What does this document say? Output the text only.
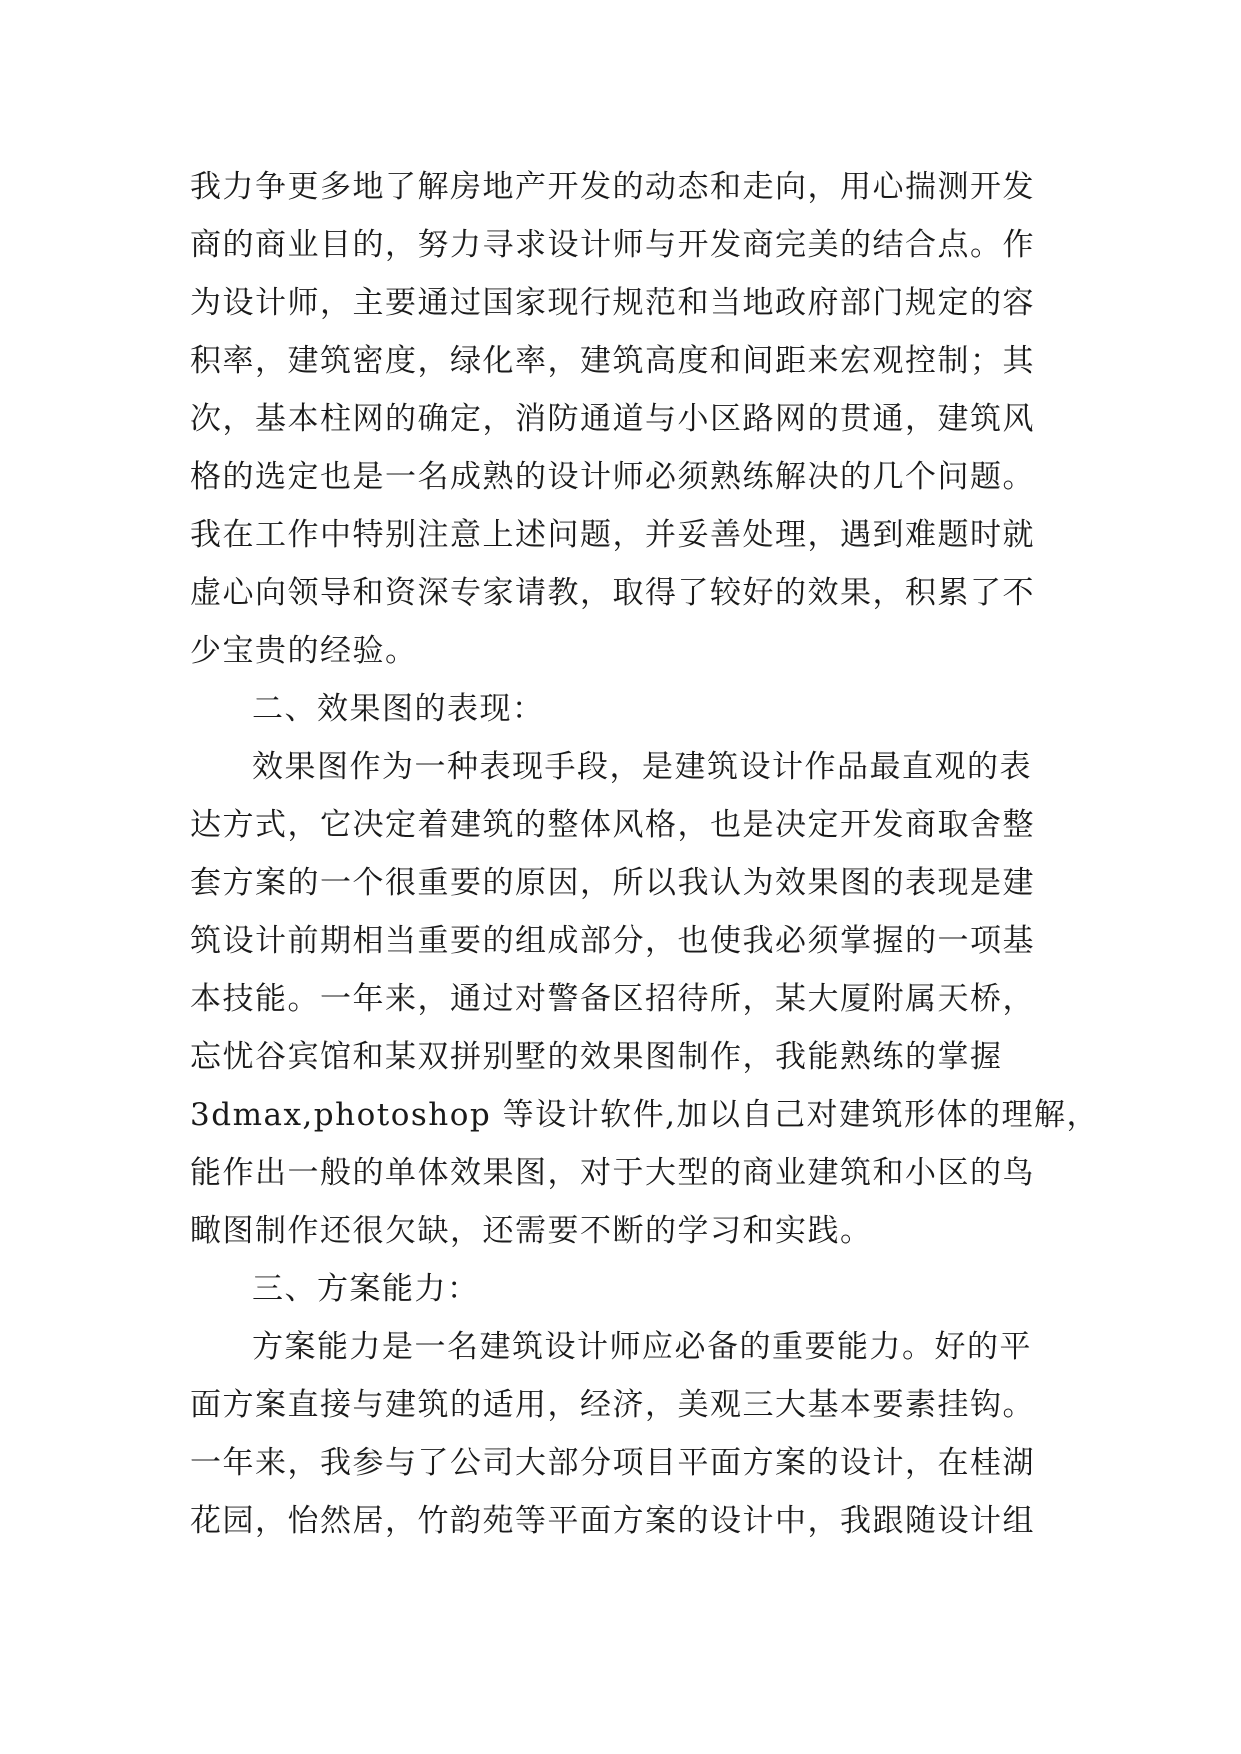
我力争更多地了解房地产开发的动态和走向，用心揣测开发
商的商业目的，努力寻求设计师与开发商完美的结合点。作
为设计师，主要通过国家现行规范和当地政府部门规定的容
积率，建筑密度，绿化率，建筑高度和间距来宏观控制；其
次，基本柱网的确定，消防通道与小区路网的贯通，建筑风
格的选定也是一名成熟的设计师必须熟练解决的几个问题。
我在工作中特别注意上述问题，并妥善处理，遇到难题时就
虚心向领导和资深专家请教，取得了较好的效果，积累了不
少宝贵的经验。
二、效果图的表现：
效果图作为一种表现手段，是建筑设计作品最直观的表
达方式，它决定着建筑的整体风格，也是决定开发商取舍整
套方案的一个很重要的原因，所以我认为效果图的表现是建
筑设计前期相当重要的组成部分，也使我必须掌握的一项基
本技能。一年来，通过对警备区招待所，某大厦附属天桥，
忘忧谷宾馆和某双拼别墅的效果图制作，我能熟练的掌握
3dmax,photoshop 等设计软件,加以自己对建筑形体的理解，
能作出一般的单体效果图，对于大型的商业建筑和小区的鸟
瞰图制作还很欠缺，还需要不断的学习和实践。
三、方案能力：
方案能力是一名建筑设计师应必备的重要能力。好的平
面方案直接与建筑的适用，经济，美观三大基本要素挂钩。
一年来，我参与了公司大部分项目平面方案的设计，在桂湖
花园，怡然居，竹韵苑等平面方案的设计中，我跟随设计组
